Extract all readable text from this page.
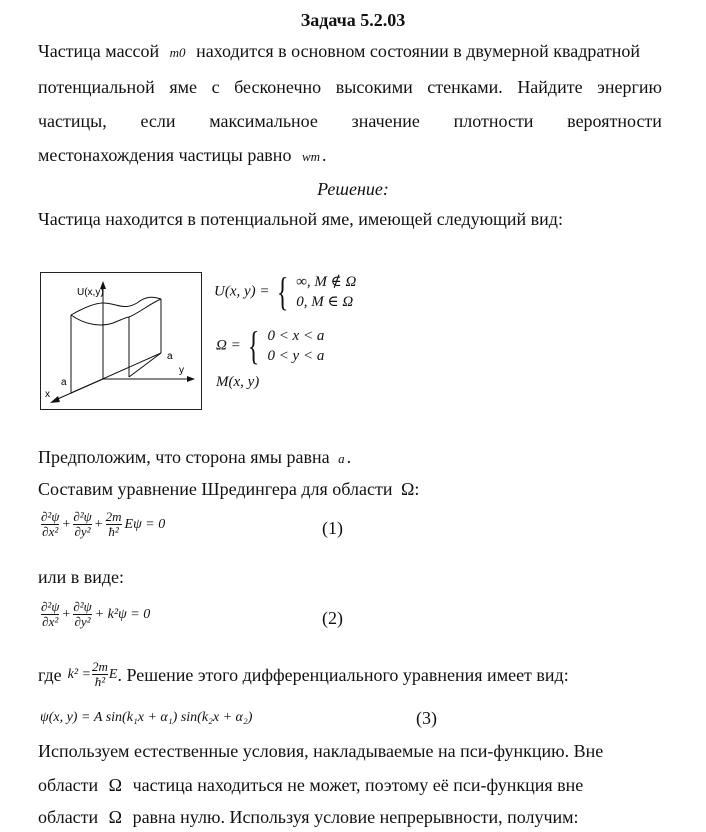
Задача 5.2.03
Частица массой m0 находится в основном состоянии в двумерной квадратной
потенциальной яме с бесконечно высокими стенками. Найдите энергию
частицы, если максимальное значение плотности вероятности
местонахождения частицы равно wm .
Решение:
Частица находится в потенциальной яме, имеющей следующий вид:
U(x,y)
y
x
a
a
U(x, y) = { ∞, M ∉ Ω
0, M ∈ Ω
Ω = { 0 < x < a
0 < y < a
M(x, y)
Предположим, что сторона ямы равна a .
Составим уравнение Шредингера для области Ω:
$\frac{\text{∂²ψ}}{\text{∂x²}} + \frac{\text{∂²ψ}}{\text{∂y²}} + \frac{2m}{\text{ħ²}}$ Eψ = 0	(1)
или в виде:
$\frac{\text{∂²ψ}}{\text{∂x²}} + \frac{\text{∂²ψ}}{\text{∂y²}} + k^2\psi = 0$	(2)
где $k^2 = \frac{2m}{\text{ħ²}}$ E . Решение этого дифференциального уравнения имеет вид:
ψ(x, y) = A sin(k₁x + α₁) sin(k₂x + α₂)	(3)
Используем естественные условия, накладываемые на пси-функцию. Вне
области Ω частица находиться не может, поэтому её пси-функция вне
области Ω равна нулю. Используя условие непрерывности, получим:
